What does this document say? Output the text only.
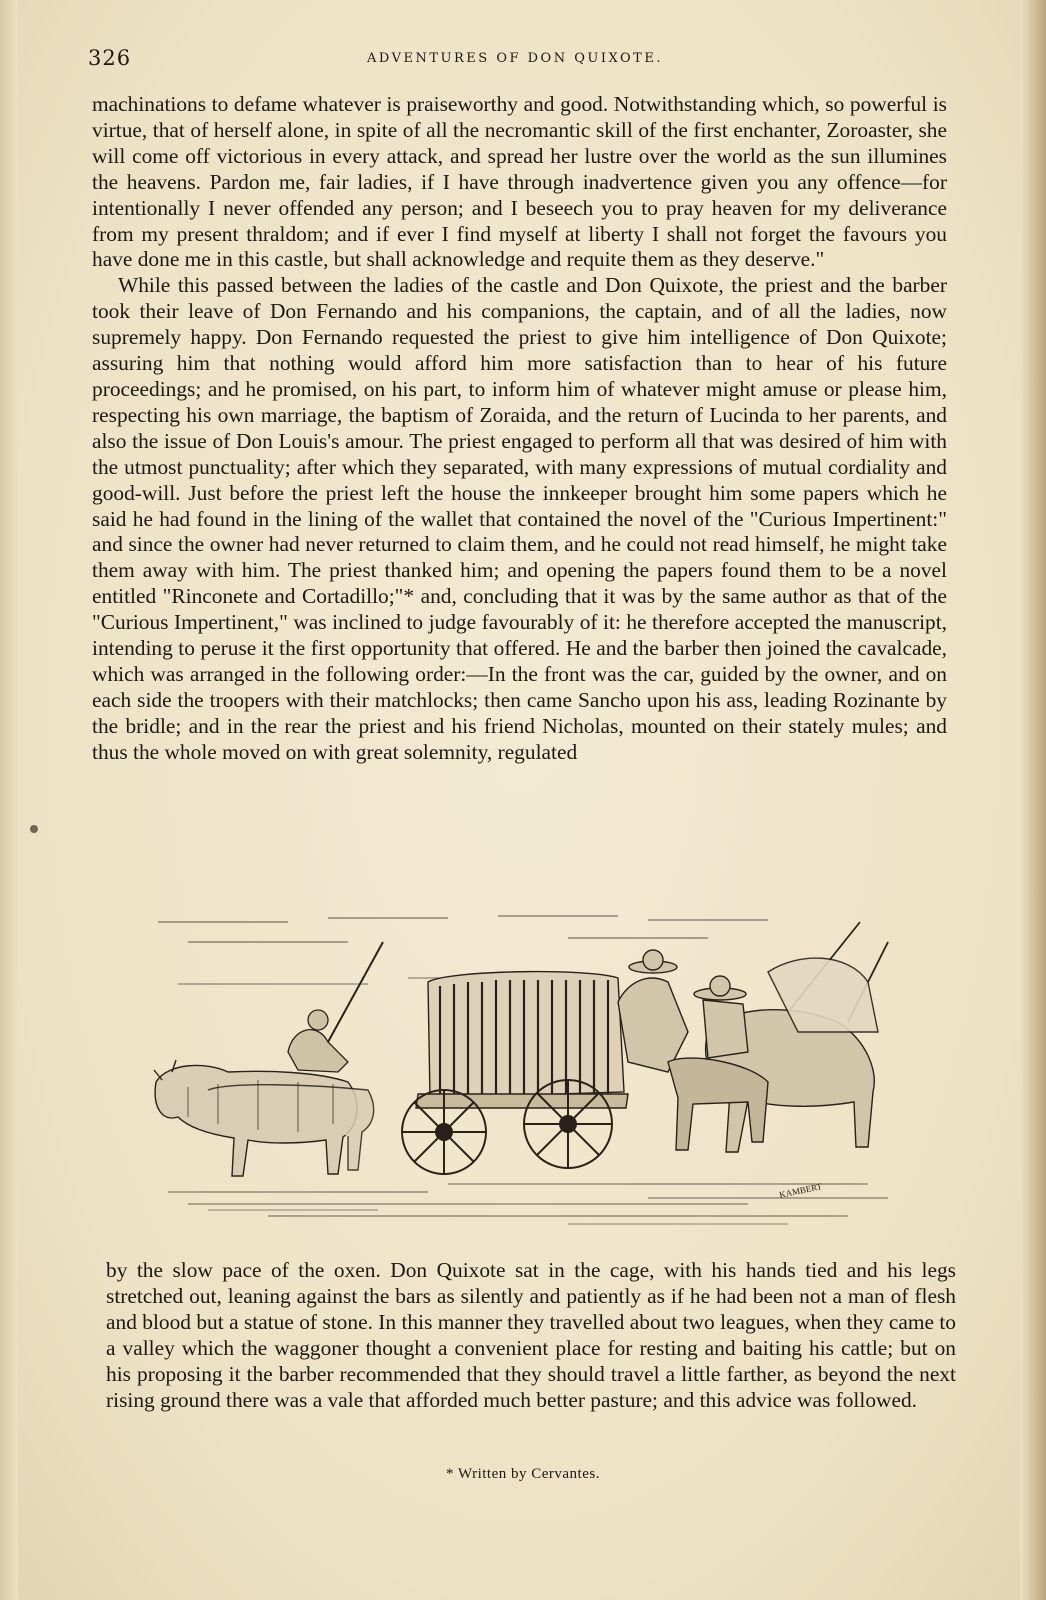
326	ADVENTURES OF DON QUIXOTE.

machinations to defame whatever is praiseworthy and good. Notwithstanding which, so powerful is virtue, that of herself alone, in spite of all the necromantic skill of the first enchanter, Zoroaster, she will come off victorious in every attack, and spread her lustre over the world as the sun illumines the heavens. Pardon me, fair ladies, if I have through inadvertence given you any offence—for intentionally I never offended any person; and I beseech you to pray heaven for my deliverance from my present thraldom; and if ever I find myself at liberty I shall not forget the favours you have done me in this castle, but shall acknowledge and requite them as they deserve."

While this passed between the ladies of the castle and Don Quixote, the priest and the barber took their leave of Don Fernando and his companions, the captain, and of all the ladies, now supremely happy. Don Fernando requested the priest to give him intelligence of Don Quixote; assuring him that nothing would afford him more satisfaction than to hear of his future proceedings; and he promised, on his part, to inform him of whatever might amuse or please him, respecting his own marriage, the baptism of Zoraida, and the return of Lucinda to her parents, and also the issue of Don Louis's amour. The priest engaged to perform all that was desired of him with the utmost punctuality; after which they separated, with many expressions of mutual cordiality and good-will. Just before the priest left the house the innkeeper brought him some papers which he said he had found in the lining of the wallet that contained the novel of the "Curious Impertinent:" and since the owner had never returned to claim them, and he could not read himself, he might take them away with him. The priest thanked him; and opening the papers found them to be a novel entitled "Rinconete and Cortadillo;"* and, concluding that it was by the same author as that of the "Curious Impertinent," was inclined to judge favourably of it: he therefore accepted the manuscript, intending to peruse it the first opportunity that offered. He and the barber then joined the cavalcade, which was arranged in the following order:—In the front was the car, guided by the owner, and on each side the troopers with their matchlocks; then came Sancho upon his ass, leading Rozinante by the bridle; and in the rear the priest and his friend Nicholas, mounted on their stately mules; and thus the whole moved on with great solemnity, regulated

KAMBERT

by the slow pace of the oxen. Don Quixote sat in the cage, with his hands tied and his legs stretched out, leaning against the bars as silently and patiently as if he had been not a man of flesh and blood but a statue of stone. In this manner they travelled about two leagues, when they came to a valley which the waggoner thought a convenient place for resting and baiting his cattle; but on his proposing it the barber recommended that they should travel a little farther, as beyond the next rising ground there was a vale that afforded much better pasture; and this advice was followed.

* Written by Cervantes.
